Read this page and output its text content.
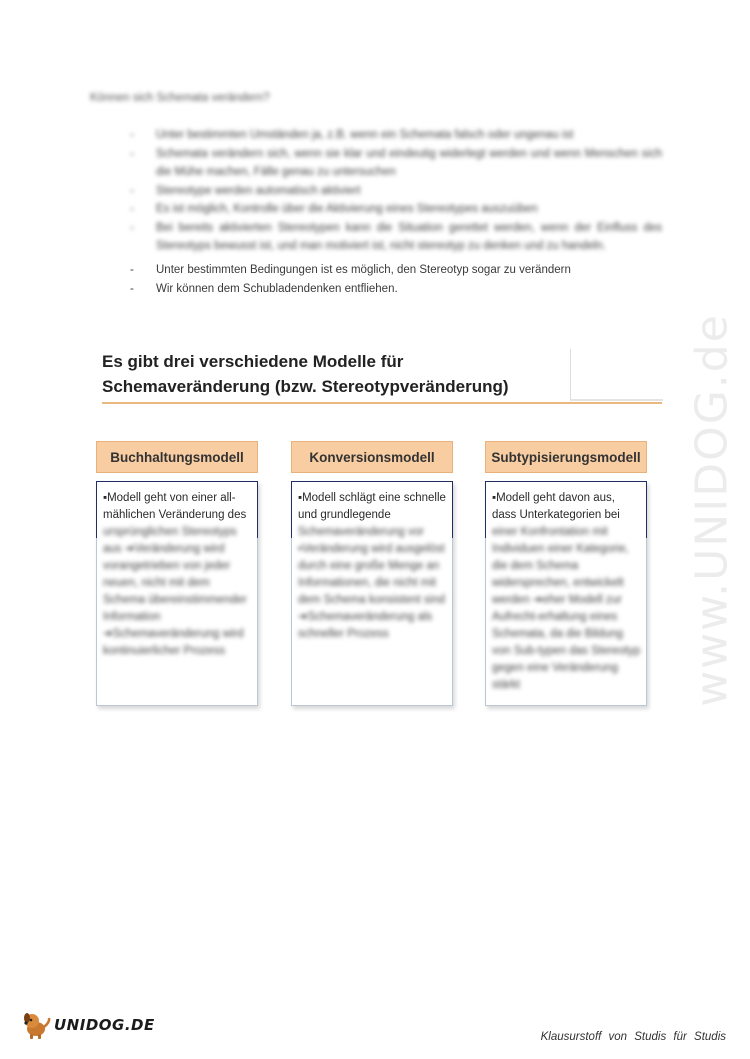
www.UNIDOG.de
Können sich Schemata verändern?
-	Unter bestimmten Umständen ja, z.B. wenn ein Schemata falsch oder ungenau ist
-	Schemata verändern sich, wenn sie klar und eindeutig widerlegt werden und wenn Menschen sich die Mühe machen, Fälle genau zu untersuchen
-	Stereotype werden automatisch aktiviert
-	Es ist möglich, Kontrolle über die Aktivierung eines Stereotypes auszuüben
-	Bei bereits aktivierten Stereotypen kann die Situation gerettet werden, wenn der Einfluss des Stereotyps bewusst ist, und man motiviert ist, nicht stereotyp zu denken und zu handeln.
-	Unter bestimmten Bedingungen ist es möglich, den Stereotyp sogar zu verändern
-	Wir können dem Schubladendenken entfliehen.
Es gibt drei verschiedene Modelle für Schemaveränderung (bzw. Stereotypveränderung)
Buchhaltungsmodell
▪Modell geht von einer all-mählichen Veränderung des
ursprünglichen Stereotyps aus ➔Veränderung wird vorangetrieben von jeder neuen, nicht mit dem Schema übereinstimmender Information ➔Schemaveränderung wird kontinuierlicher Prozess
Konversionsmodell
▪Modell schlägt eine schnelle und grundlegende
Schemaveränderung vor ▪Veränderung wird ausgelöst durch eine große Menge an Informationen, die nicht mit dem Schema konsistent sind ➔Schemaveränderung als schneller Prozess
Subtypisierungsmodell
▪Modell geht davon aus, dass Unterkategorien bei
einer Konfrontation mit Individuen einer Kategorie, die dem Schema widersprechen, entwickelt werden ➔eher Modell zur Aufrecht-erhaltung eines Schemata, da die Bildung von Sub-typen das Stereotyp gegen eine Veränderung stärkt
UNIDOG.DE
Klausurstoff von Studis für Studis
